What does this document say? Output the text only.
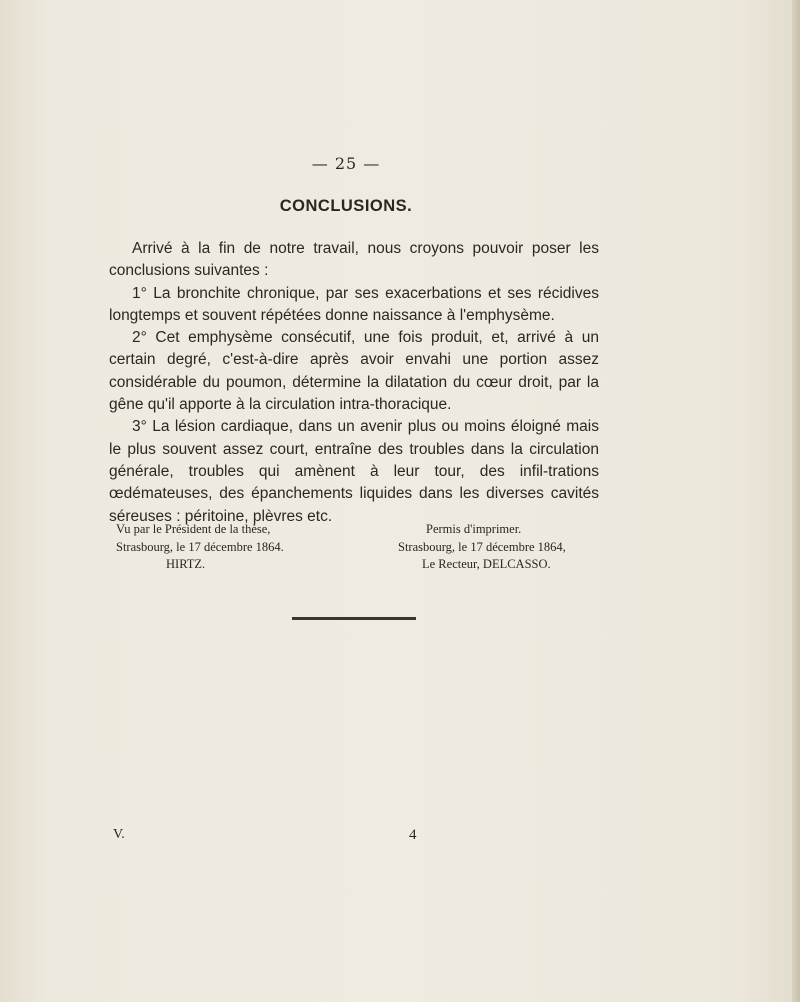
— 25 —
CONCLUSIONS.

Arrivé à la fin de notre travail, nous croyons pouvoir poser les conclusions suivantes :

1° La bronchite chronique, par ses exacerbations et ses récidives longtemps et souvent répétées donne naissance à l'emphysème.

2° Cet emphysème consécutif, une fois produit, et, arrivé à un certain degré, c'est-à-dire après avoir envahi une portion assez considérable du poumon, détermine la dilatation du cœur droit, par la gêne qu'il apporte à la circulation intra-thoracique.

3° La lésion cardiaque, dans un avenir plus ou moins éloigné mais le plus souvent assez court, entraîne des troubles dans la circulation générale, troubles qui amènent à leur tour, des infil-trations œdémateuses, des épanchements liquides dans les diverses cavités séreuses : péritoine, plèvres etc.

Vu par le Président de la thèse,
Strasbourg, le 17 décembre 1864.
HIRTZ.
Permis d'imprimer.
Strasbourg, le 17 décembre 1864,
Le Recteur, DELCASSO.
V.	4
